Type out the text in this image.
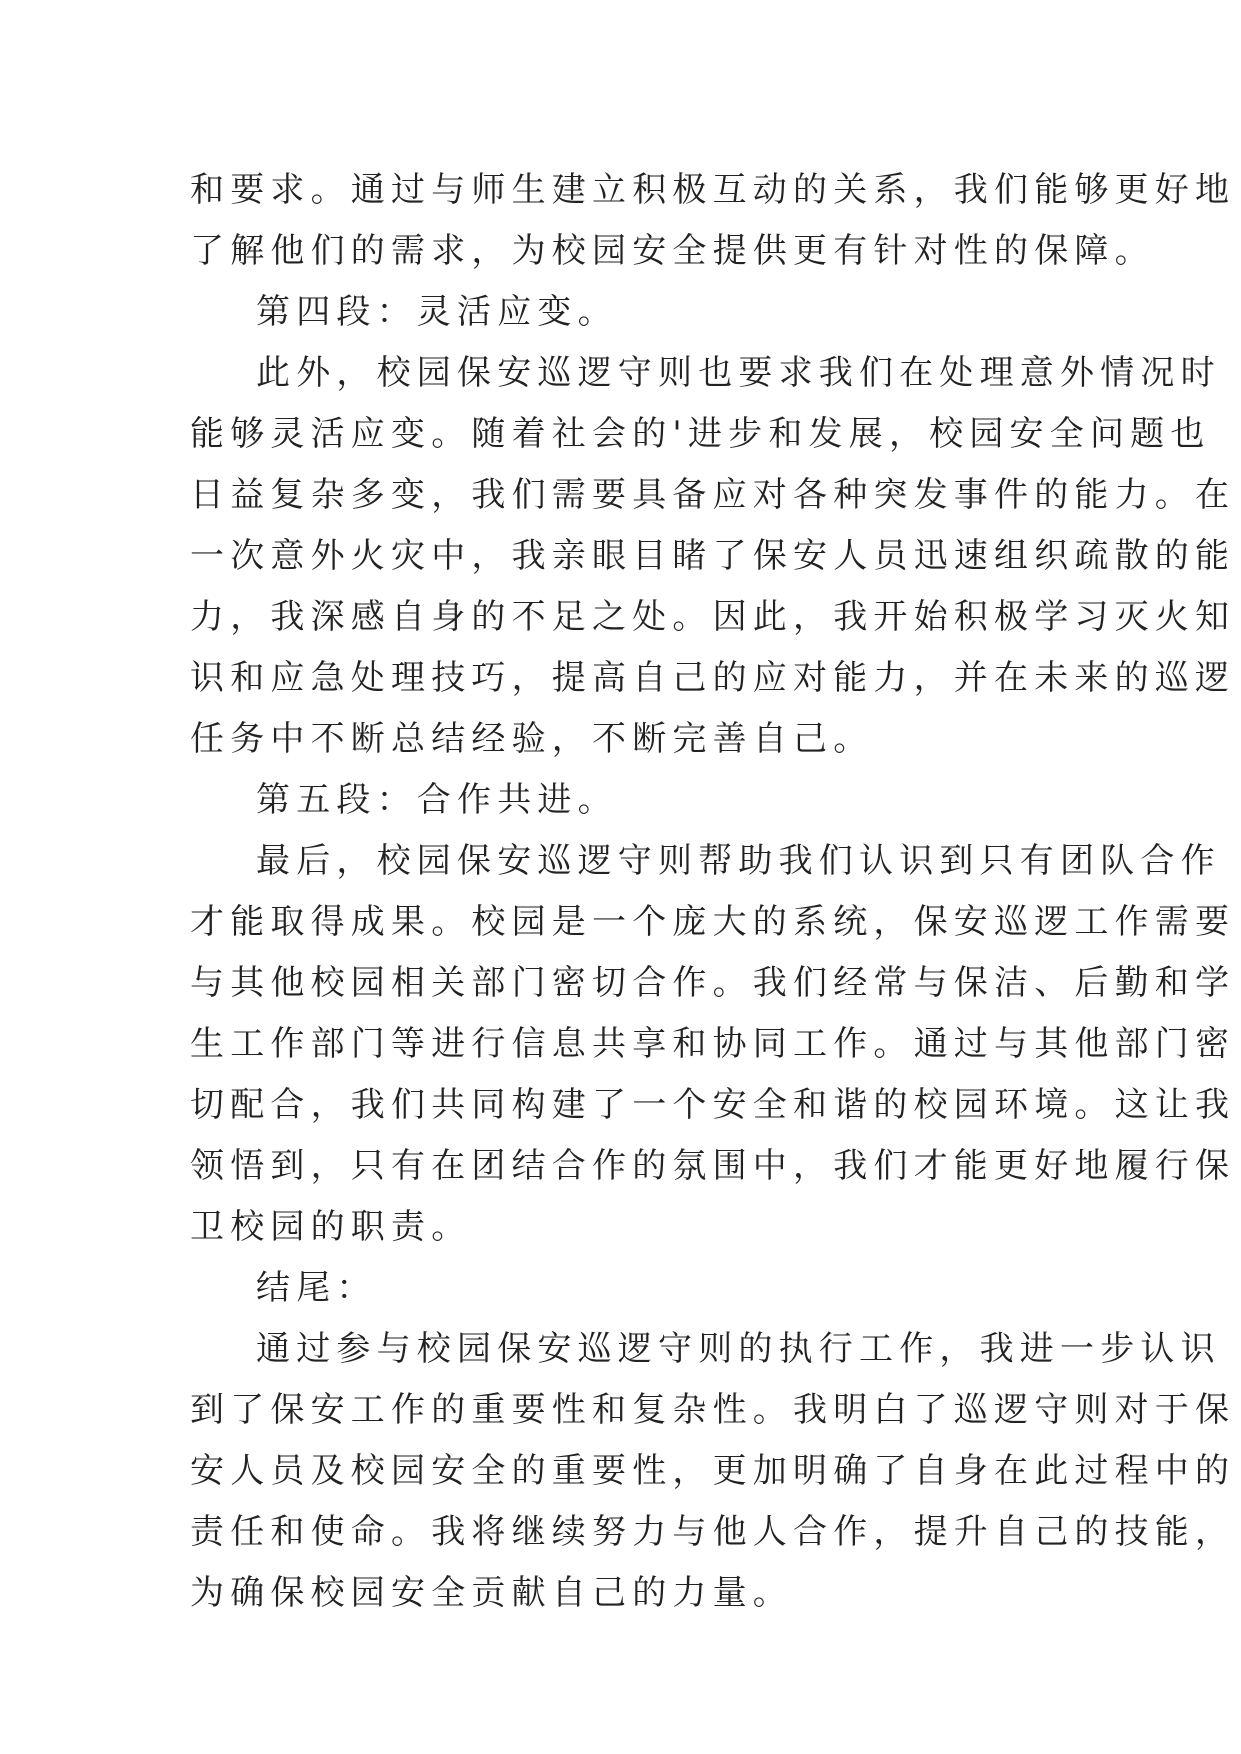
和要求。通过与师生建立积极互动的关系，我们能够更好地
了解他们的需求，为校园安全提供更有针对性的保障。
第四段：灵活应变。
此外，校园保安巡逻守则也要求我们在处理意外情况时
能够灵活应变。随着社会的'进步和发展，校园安全问题也
日益复杂多变，我们需要具备应对各种突发事件的能力。在
一次意外火灾中，我亲眼目睹了保安人员迅速组织疏散的能
力，我深感自身的不足之处。因此，我开始积极学习灭火知
识和应急处理技巧，提高自己的应对能力，并在未来的巡逻
任务中不断总结经验，不断完善自己。
第五段：合作共进。
最后，校园保安巡逻守则帮助我们认识到只有团队合作
才能取得成果。校园是一个庞大的系统，保安巡逻工作需要
与其他校园相关部门密切合作。我们经常与保洁、后勤和学
生工作部门等进行信息共享和协同工作。通过与其他部门密
切配合，我们共同构建了一个安全和谐的校园环境。这让我
领悟到，只有在团结合作的氛围中，我们才能更好地履行保
卫校园的职责。
结尾：
通过参与校园保安巡逻守则的执行工作，我进一步认识
到了保安工作的重要性和复杂性。我明白了巡逻守则对于保
安人员及校园安全的重要性，更加明确了自身在此过程中的
责任和使命。我将继续努力与他人合作，提升自己的技能，
为确保校园安全贡献自己的力量。
